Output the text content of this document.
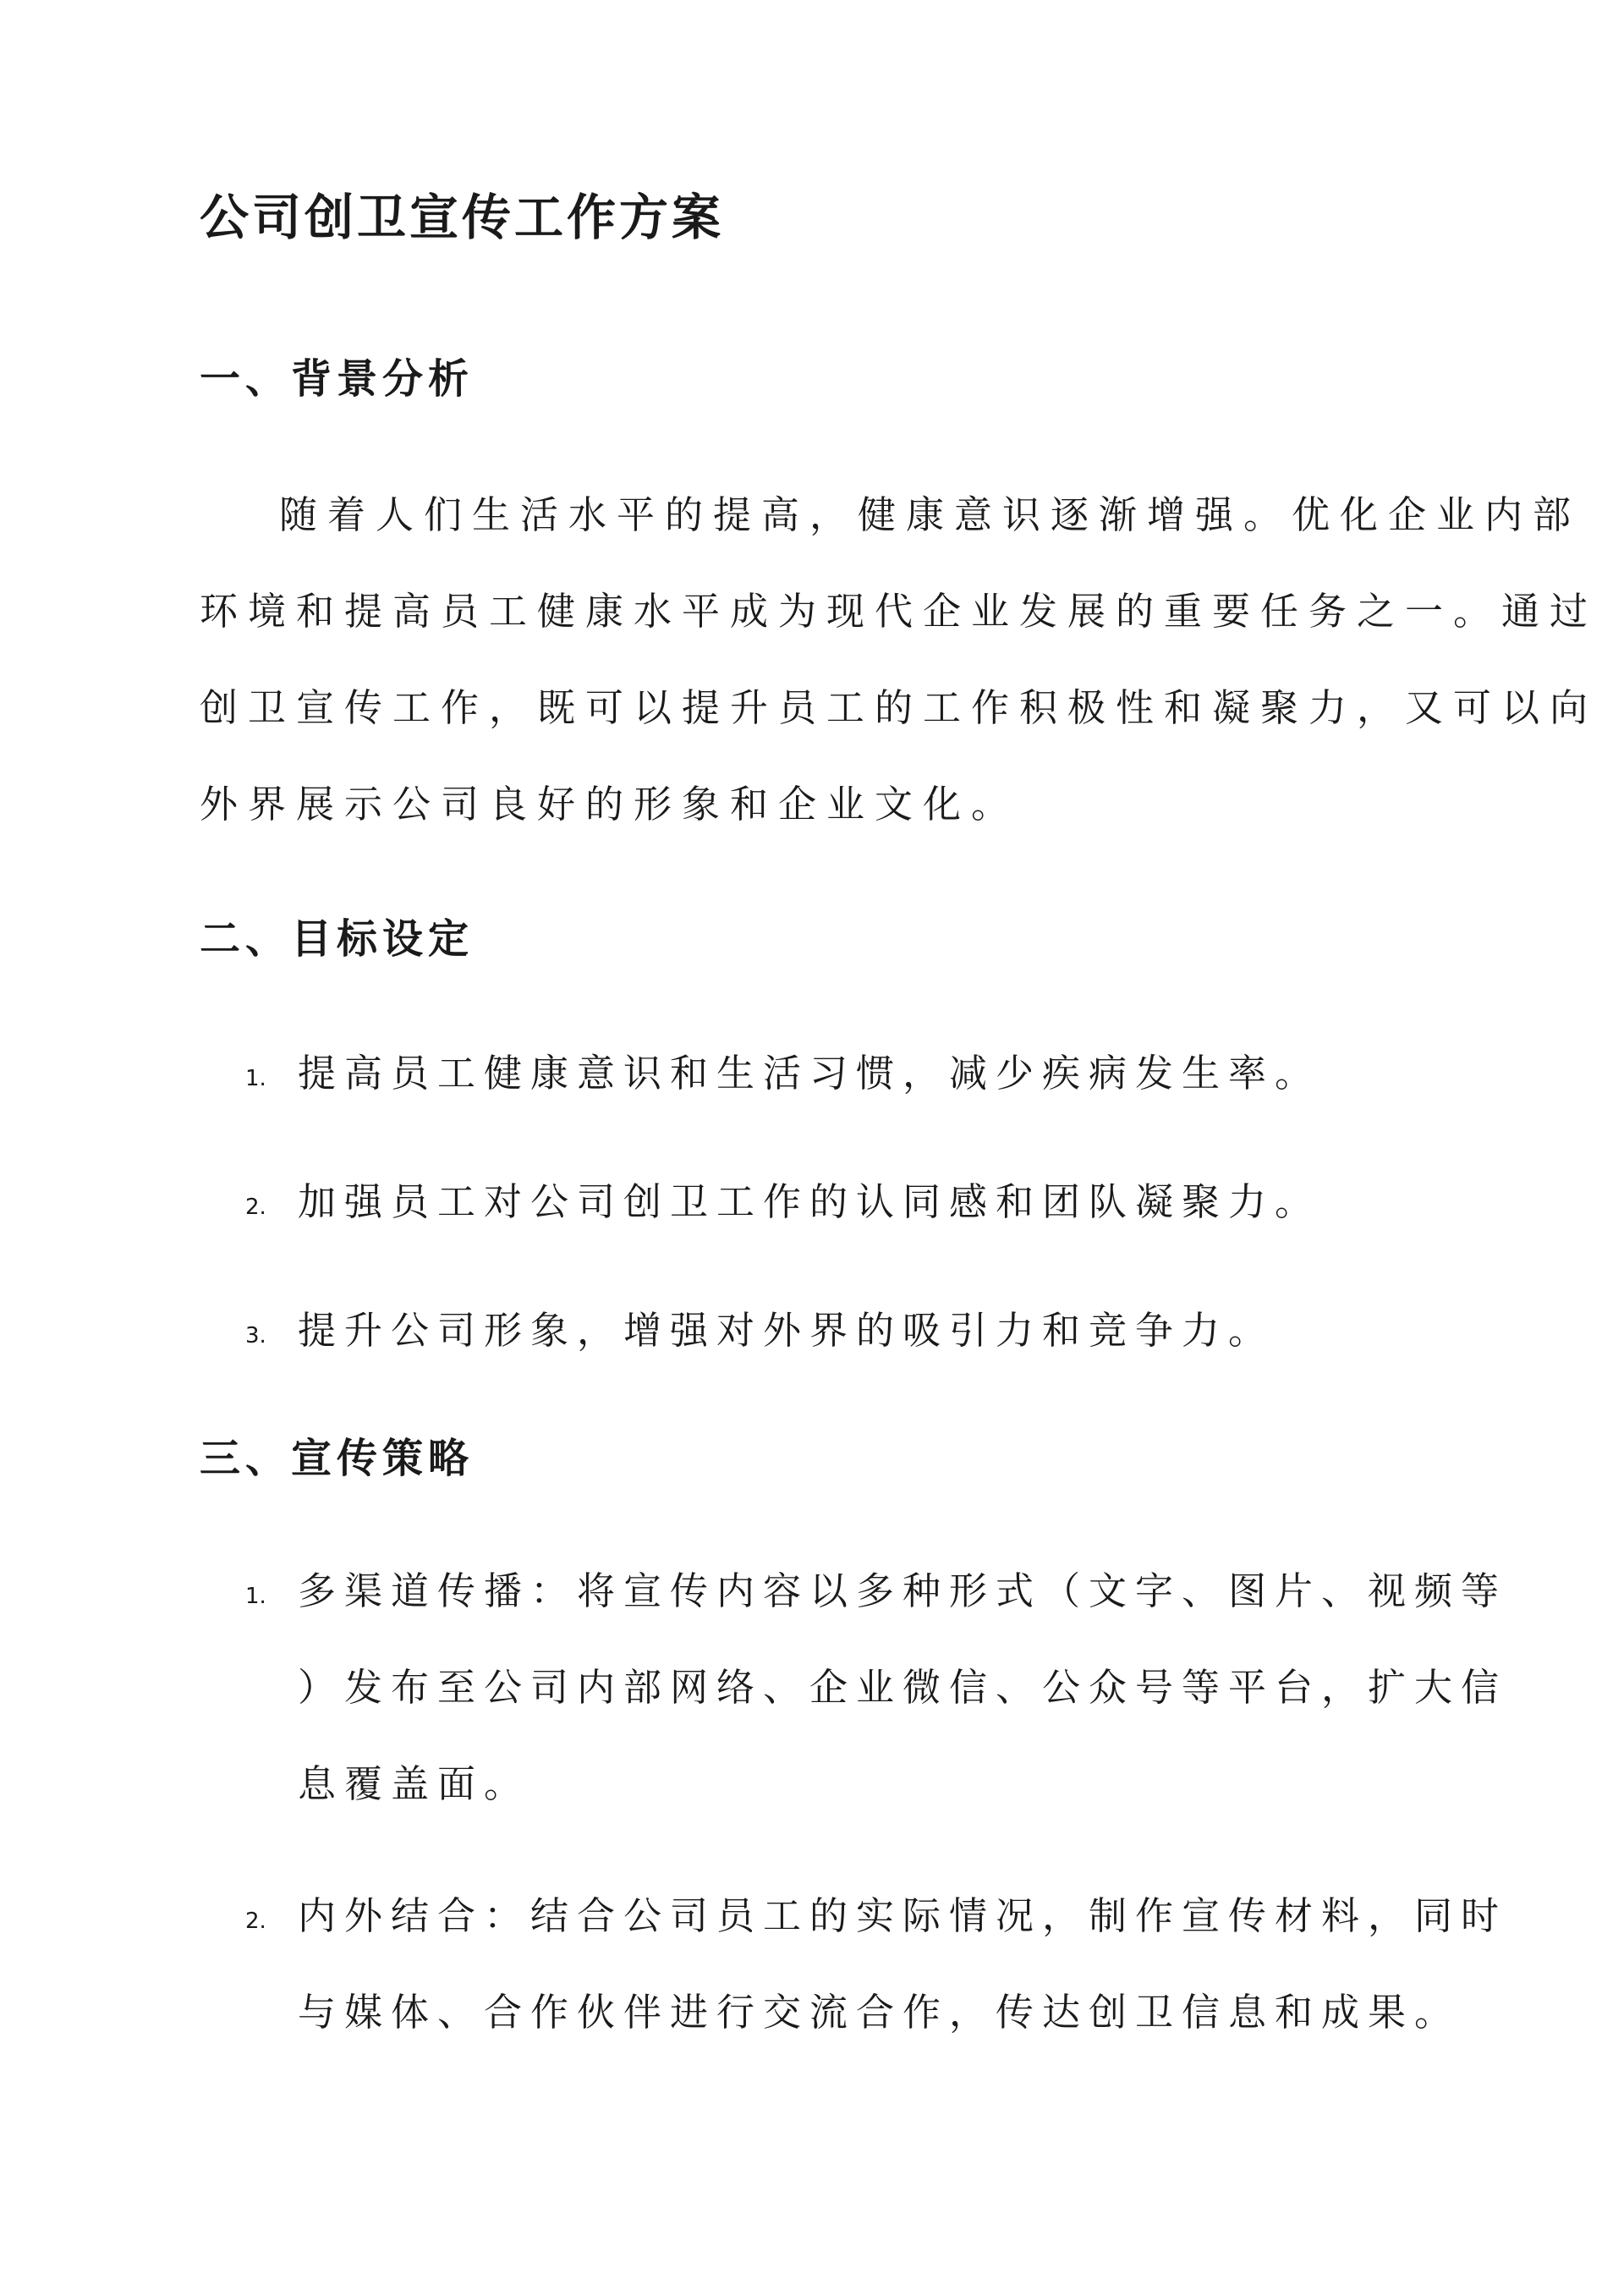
公司创卫宣传工作方案
一、背景分析
随着人们生活水平的提高，健康意识逐渐增强。优化企业内部
环境和提高员工健康水平成为现代企业发展的重要任务之一。通过
创卫宣传工作，既可以提升员工的工作积极性和凝聚力，又可以向
外界展示公司良好的形象和企业文化。
二、目标设定
1. 提高员工健康意识和生活习惯，减少疾病发生率。
2. 加强员工对公司创卫工作的认同感和团队凝聚力。
3. 提升公司形象，增强对外界的吸引力和竞争力。
三、宣传策略
1. 多渠道传播：将宣传内容以多种形式（文字、图片、视频等
）发布至公司内部网络、企业微信、公众号等平台，扩大信
息覆盖面。
2. 内外结合：结合公司员工的实际情况，制作宣传材料，同时
与媒体、合作伙伴进行交流合作，传达创卫信息和成果。
